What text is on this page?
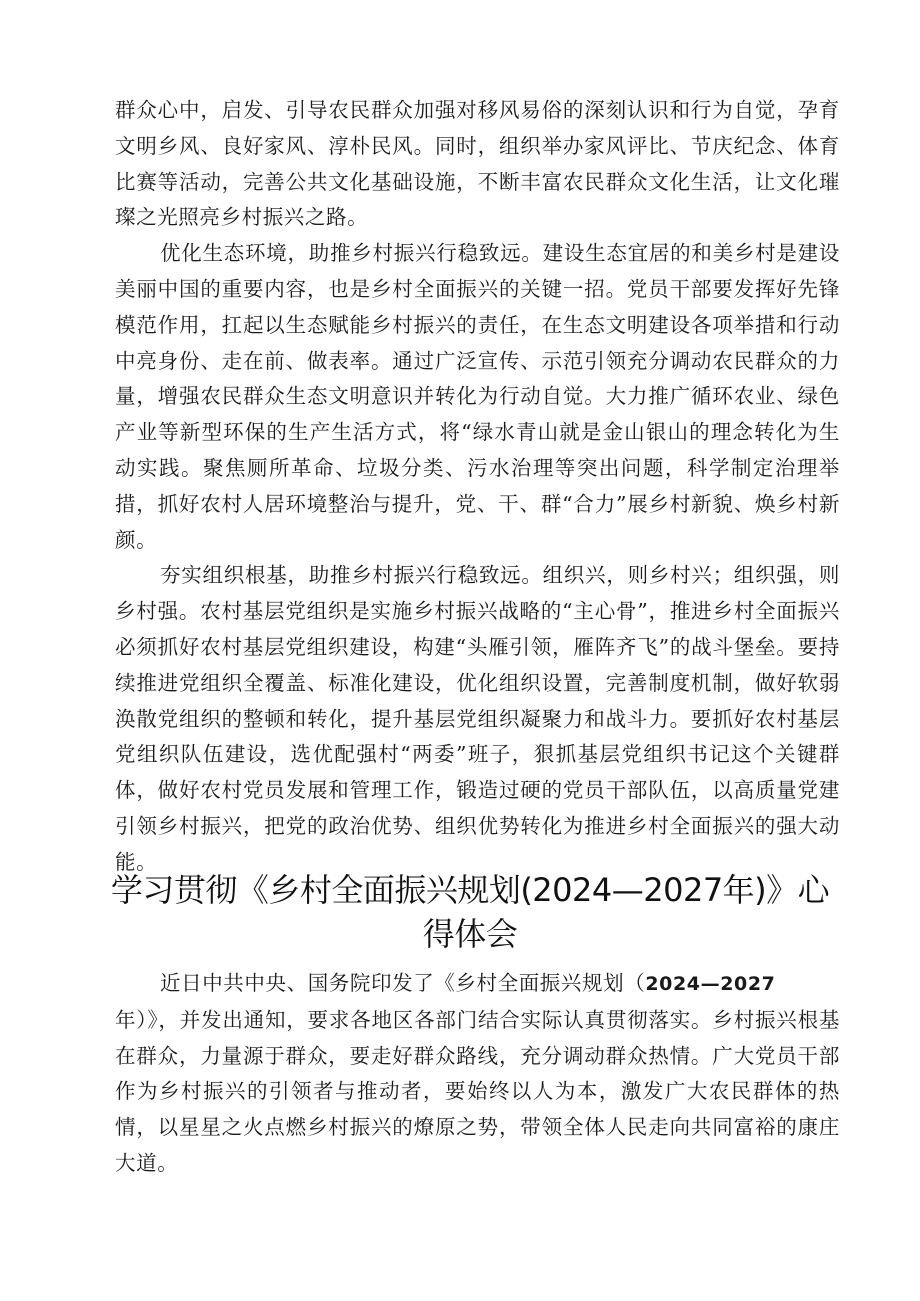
群众心中，启发、引导农民群众加强对移风易俗的深刻认识和行为自觉，孕育文明乡风、良好家风、淳朴民风。同时，组织举办家风评比、节庆纪念、体育比赛等活动，完善公共文化基础设施，不断丰富农民群众文化生活，让文化璀璨之光照亮乡村振兴之路。

优化生态环境，助推乡村振兴行稳致远。建设生态宜居的和美乡村是建设美丽中国的重要内容，也是乡村全面振兴的关键一招。党员干部要发挥好先锋模范作用，扛起以生态赋能乡村振兴的责任，在生态文明建设各项举措和行动中亮身份、走在前、做表率。通过广泛宣传、示范引领充分调动农民群众的力量，增强农民群众生态文明意识并转化为行动自觉。大力推广循环农业、绿色产业等新型环保的生产生活方式，将“绿水青山就是金山银山的理念转化为生动实践。聚焦厕所革命、垃圾分类、污水治理等突出问题，科学制定治理举措，抓好农村人居环境整治与提升，党、干、群“合力”展乡村新貌、焕乡村新颜。

夯实组织根基，助推乡村振兴行稳致远。组织兴，则乡村兴；组织强，则乡村强。农村基层党组织是实施乡村振兴战略的“主心骨”，推进乡村全面振兴必须抓好农村基层党组织建设，构建“头雁引领，雁阵齐飞”的战斗堡垒。要持续推进党组织全覆盖、标准化建设，优化组织设置，完善制度机制，做好软弱涣散党组织的整顿和转化，提升基层党组织凝聚力和战斗力。要抓好农村基层党组织队伍建设，选优配强村“两委”班子，狠抓基层党组织书记这个关键群体，做好农村党员发展和管理工作，锻造过硬的党员干部队伍，以高质量党建引领乡村振兴，把党的政治优势、组织优势转化为推进乡村全面振兴的强大动能。

学习贯彻《乡村全面振兴规划(2024—2027年)》心得体会

近日中共中央、国务院印发了《乡村全面振兴规划（2024—2027
年）》，并发出通知，要求各地区各部门结合实际认真贯彻落实。乡村振兴根基在群众，力量源于群众，要走好群众路线，充分调动群众热情。广大党员干部作为乡村振兴的引领者与推动者，要始终以人为本，激发广大农民群体的热情，以星星之火点燃乡村振兴的燎原之势，带领全体人民走向共同富裕的康庄大道。
